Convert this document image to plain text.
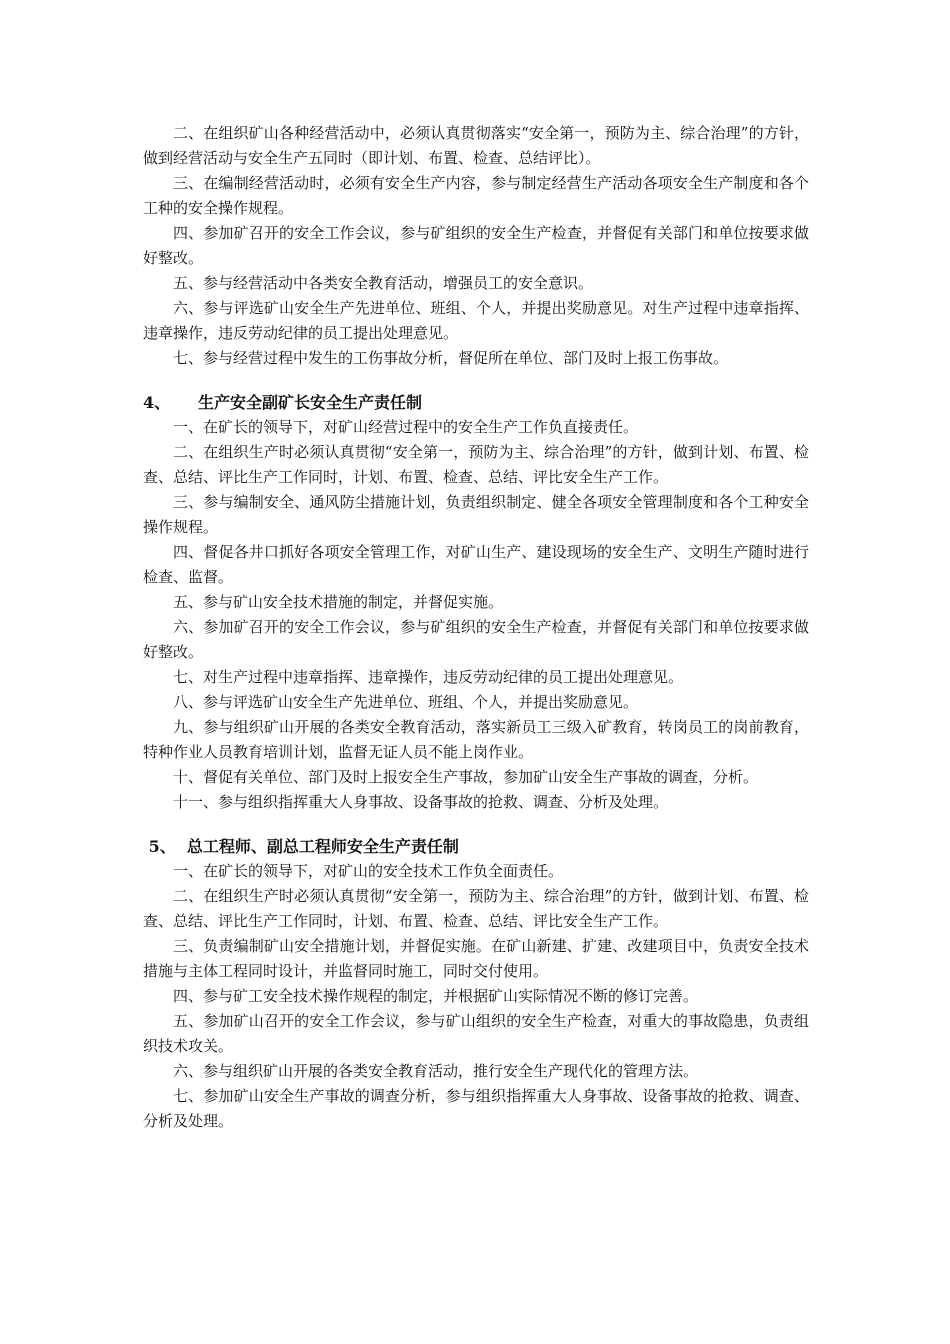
二、在组织矿山各种经营活动中，必须认真贯彻落实“安全第一，预防为主、综合治理”的方针，做到经营活动与安全生产五同时（即计划、布置、检查、总结评比）。

三、在编制经营活动时，必须有安全生产内容，参与制定经营生产活动各项安全生产制度和各个工种的安全操作规程。

四、参加矿召开的安全工作会议，参与矿组织的安全生产检查，并督促有关部门和单位按要求做好整改。

五、参与经营活动中各类安全教育活动，增强员工的安全意识。

六、参与评选矿山安全生产先进单位、班组、个人，并提出奖励意见。对生产过程中违章指挥、违章操作，违反劳动纪律的员工提出处理意见。

七、参与经营过程中发生的工伤事故分析，督促所在单位、部门及时上报工伤事故。

4、 生产安全副矿长安全生产责任制

一、在矿长的领导下，对矿山经营过程中的安全生产工作负直接责任。

二、在组织生产时必须认真贯彻“安全第一，预防为主、综合治理”的方针，做到计划、布置、检查、总结、评比生产工作同时，计划、布置、检查、总结、评比安全生产工作。

三、参与编制安全、通风防尘措施计划，负责组织制定、健全各项安全管理制度和各个工种安全操作规程。

四、督促各井口抓好各项安全管理工作，对矿山生产、建设现场的安全生产、文明生产随时进行检查、监督。

五、参与矿山安全技术措施的制定，并督促实施。

六、参加矿召开的安全工作会议，参与矿组织的安全生产检查，并督促有关部门和单位按要求做好整改。

七、对生产过程中违章指挥、违章操作，违反劳动纪律的员工提出处理意见。

八、参与评选矿山安全生产先进单位、班组、个人，并提出奖励意见。

九、参与组织矿山开展的各类安全教育活动，落实新员工三级入矿教育，转岗员工的岗前教育，特种作业人员教育培训计划，监督无证人员不能上岗作业。

十、督促有关单位、部门及时上报安全生产事故，参加矿山安全生产事故的调查，分析。

十一、参与组织指挥重大人身事故、设备事故的抢救、调查、分析及处理。

5、 总工程师、副总工程师安全生产责任制

一、在矿长的领导下，对矿山的安全技术工作负全面责任。

二、在组织生产时必须认真贯彻“安全第一，预防为主、综合治理”的方针，做到计划、布置、检查、总结、评比生产工作同时，计划、布置、检查、总结、评比安全生产工作。

三、负责编制矿山安全措施计划，并督促实施。在矿山新建、扩建、改建项目中，负责安全技术措施与主体工程同时设计，并监督同时施工，同时交付使用。

四、参与矿工安全技术操作规程的制定，并根据矿山实际情况不断的修订完善。

五、参加矿山召开的安全工作会议，参与矿山组织的安全生产检查，对重大的事故隐患，负责组织技术攻关。

六、参与组织矿山开展的各类安全教育活动，推行安全生产现代化的管理方法。

七、参加矿山安全生产事故的调查分析，参与组织指挥重大人身事故、设备事故的抢救、调查、分析及处理。
